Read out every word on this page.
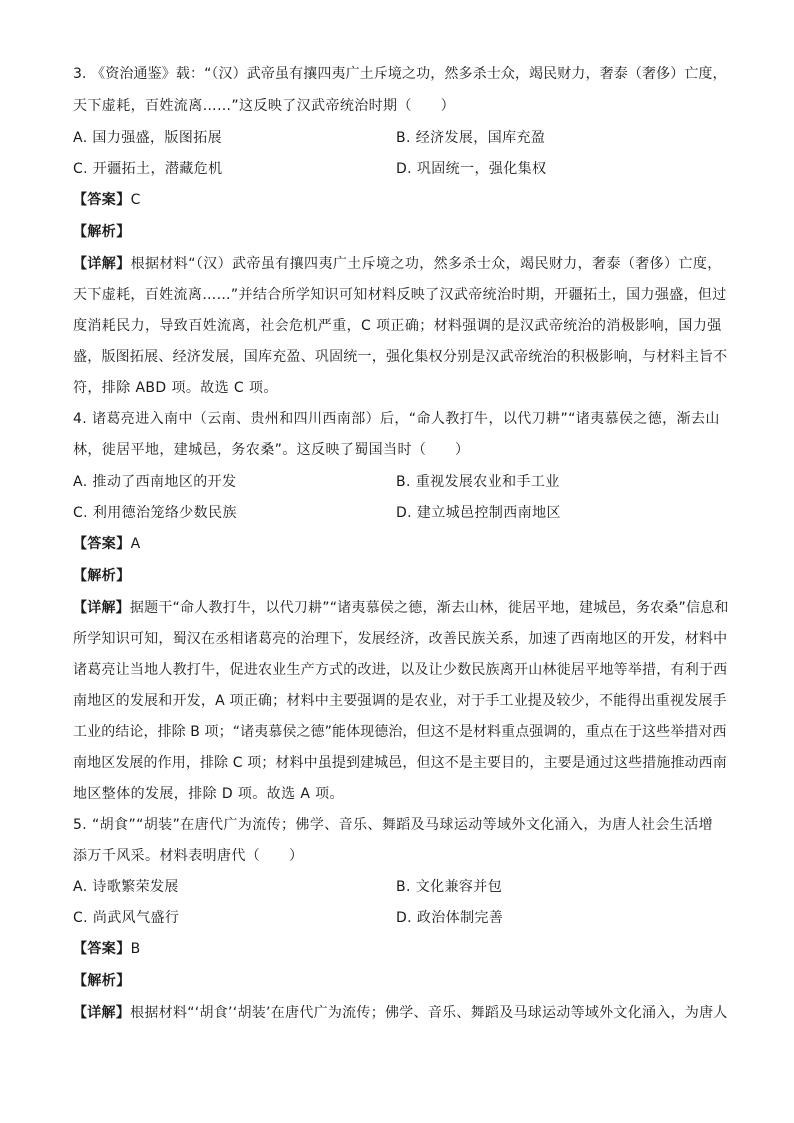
3. 《资治通鉴》载：“（汉）武帝虽有攘四夷广土斥境之功，然多杀士众，竭民财力，奢泰（奢侈）亡度，
天下虚耗，百姓流离……”这反映了汉武帝统治时期（　　）
A. 国力强盛，版图拓展	B. 经济发展，国库充盈
C. 开疆拓土，潜藏危机	D. 巩固统一，强化集权
【答案】C
【解析】
【详解】根据材料“（汉）武帝虽有攘四夷广土斥境之功，然多杀士众，竭民财力，奢泰（奢侈）亡度，
天下虚耗，百姓流离……”并结合所学知识可知材料反映了汉武帝统治时期，开疆拓土，国力强盛，但过
度消耗民力，导致百姓流离，社会危机严重，C 项正确；材料强调的是汉武帝统治的消极影响，国力强
盛，版图拓展、经济发展，国库充盈、巩固统一，强化集权分别是汉武帝统治的积极影响，与材料主旨不
符，排除 ABD 项。故选 C 项。
4. 诸葛亮进入南中（云南、贵州和四川西南部）后，“命人教打牛，以代刀耕”“诸夷慕侯之德，渐去山
林，徙居平地，建城邑，务农桑”。这反映了蜀国当时（　　）
A. 推动了西南地区的开发	B. 重视发展农业和手工业
C. 利用德治笼络少数民族	D. 建立城邑控制西南地区
【答案】A
【解析】
【详解】据题干“命人教打牛，以代刀耕”“诸夷慕侯之德，渐去山林，徙居平地，建城邑，务农桑”信息和
所学知识可知，蜀汉在丞相诸葛亮的治理下，发展经济，改善民族关系，加速了西南地区的开发，材料中
诸葛亮让当地人教打牛，促进农业生产方式的改进，以及让少数民族离开山林徙居平地等举措，有利于西
南地区的发展和开发，A 项正确；材料中主要强调的是农业，对于手工业提及较少，不能得出重视发展手
工业的结论，排除 B 项；“诸夷慕侯之德”能体现德治，但这不是材料重点强调的，重点在于这些举措对西
南地区发展的作用，排除 C 项；材料中虽提到建城邑，但这不是主要目的，主要是通过这些措施推动西南
地区整体的发展，排除 D 项。故选 A 项。
5. “胡食”“胡装”在唐代广为流传；佛学、音乐、舞蹈及马球运动等域外文化涌入，为唐人社会生活增
添万千风采。材料表明唐代（　　）
A. 诗歌繁荣发展	B. 文化兼容并包
C. 尚武风气盛行	D. 政治体制完善
【答案】B
【解析】
【详解】根据材料“‘胡食’‘胡装’在唐代广为流传；佛学、音乐、舞蹈及马球运动等域外文化涌入，为唐人
